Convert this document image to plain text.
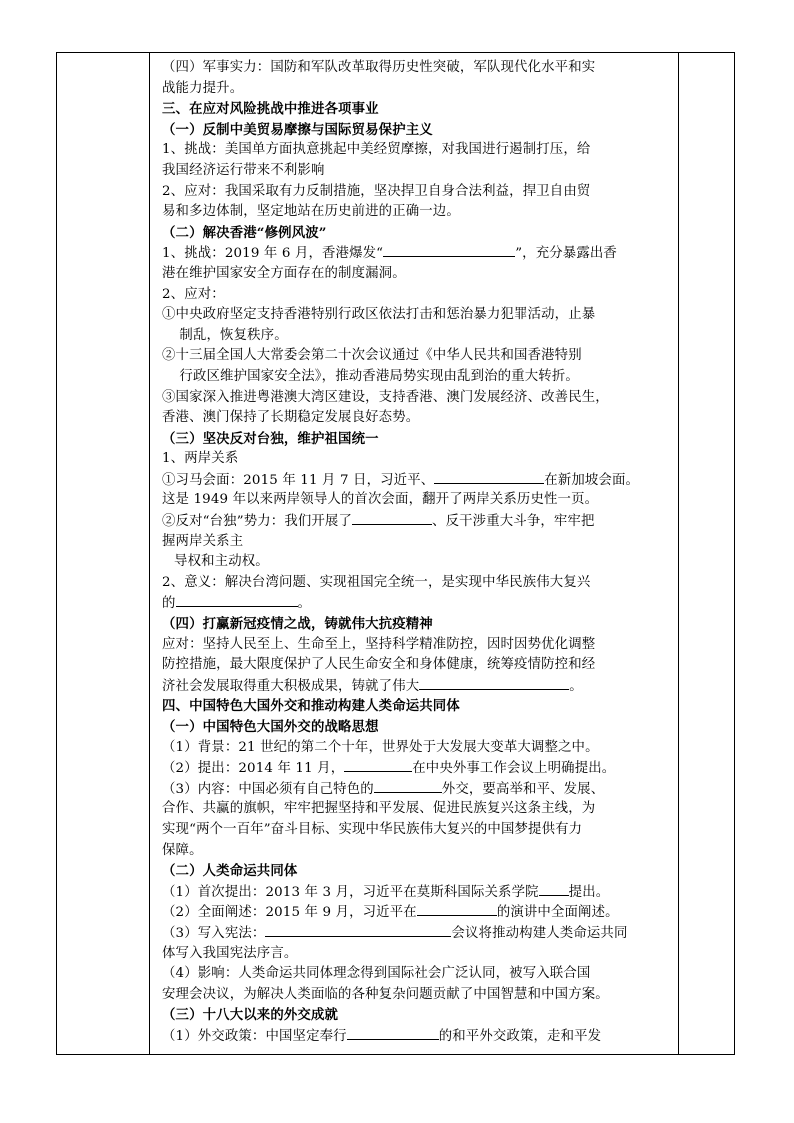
（四）军事实力：国防和军队改革取得历史性突破，军队现代化水平和实
战能力提升。
三、在应对风险挑战中推进各项事业
（一）反制中美贸易摩擦与国际贸易保护主义
1、挑战：美国单方面执意挑起中美经贸摩擦，对我国进行遏制打压，给
我国经济运行带来不利影响
2、应对：我国采取有力反制措施，坚决捍卫自身合法利益，捍卫自由贸
易和多边体制，坚定地站在历史前进的正确一边。
（二）解决香港“修例风波”
1、挑战：2019 年 6 月，香港爆发“	”，充分暴露出香
港在维护国家安全方面存在的制度漏洞。
2、应对：
①中央政府坚定支持香港特别行政区依法打击和惩治暴力犯罪活动，止暴
制乱，恢复秩序。
②十三届全国人大常委会第二十次会议通过《中华人民共和国香港特别
行政区维护国家安全法》，推动香港局势实现由乱到治的重大转折。
③国家深入推进粤港澳大湾区建设，支持香港、澳门发展经济、改善民生，
香港、澳门保持了长期稳定发展良好态势。
（三）坚决反对台独，维护祖国统一
1、两岸关系
①习马会面：2015 年 11 月 7 日，习近平、	在新加坡会面。
这是 1949 年以来两岸领导人的首次会面，翻开了两岸关系历史性一页。
②反对“台独”势力：我们开展了	、反干涉重大斗争，牢牢把
握两岸关系主
导权和主动权。
2、意义：解决台湾问题、实现祖国完全统一，是实现中华民族伟大复兴
的	。
（四）打赢新冠疫情之战，铸就伟大抗疫精神
应对：坚持人民至上、生命至上，坚持科学精准防控，因时因势优化调整
防控措施，最大限度保护了人民生命安全和身体健康，统筹疫情防控和经
济社会发展取得重大积极成果，铸就了伟大	。
四、中国特色大国外交和推动构建人类命运共同体
（一）中国特色大国外交的战略思想
（1）背景：21 世纪的第二个十年，世界处于大发展大变革大调整之中。
（2）提出：2014 年 11 月，	在中央外事工作会议上明确提出。
（3）内容：中国必须有自己特色的	外交，要高举和平、发展、
合作、共赢的旗帜，牢牢把握坚持和平发展、促进民族复兴这条主线，为
实现“两个一百年”奋斗目标、实现中华民族伟大复兴的中国梦提供有力
保障。
（二）人类命运共同体
（1）首次提出：2013 年 3 月，习近平在莫斯科国际关系学院 提出。
（2）全面阐述：2015 年 9 月，习近平在	的演讲中全面阐述。
（3）写入宪法：	会议将推动构建人类命运共同
体写入我国宪法序言。
（4）影响：人类命运共同体理念得到国际社会广泛认同，被写入联合国
安理会决议，为解决人类面临的各种复杂问题贡献了中国智慧和中国方案。
（三）十八大以来的外交成就
（1）外交政策：中国坚定奉行	的和平外交政策，走和平发
